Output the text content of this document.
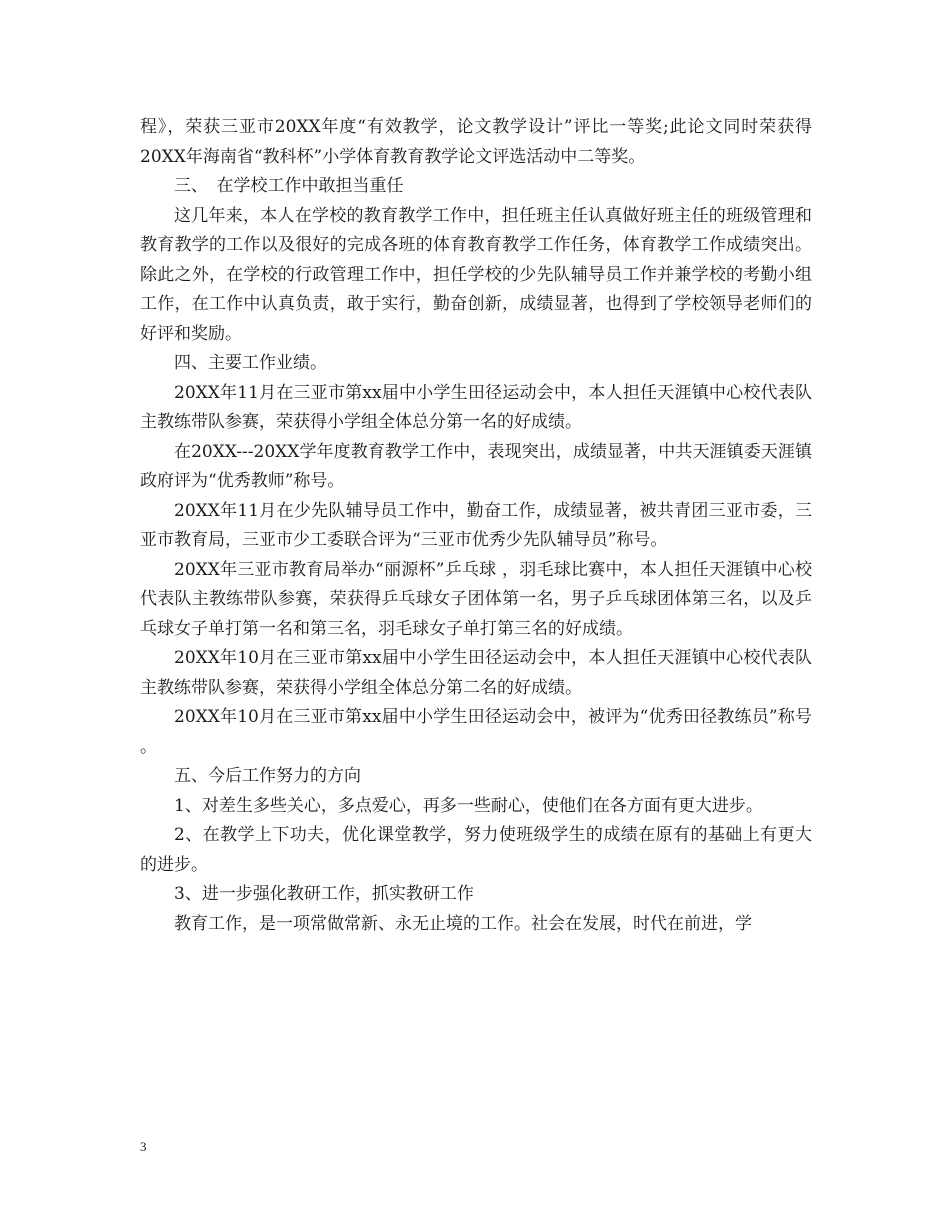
程》，荣获三亚市20XX年度“有效教学，论文教学设计”评比一等奖;此论文同时荣获得20XX年海南省“教科杯”小学体育教育教学论文评选活动中二等奖。

三、　在学校工作中敢担当重任

这几年来，本人在学校的教育教学工作中，担任班主任认真做好班主任的班级管理和教育教学的工作以及很好的完成各班的体育教育教学工作任务，体育教学工作成绩突出。除此之外，在学校的行政管理工作中，担任学校的少先队辅导员工作并兼学校的考勤小组工作，在工作中认真负责，敢于实行，勤奋创新，成绩显著，也得到了学校领导老师们的好评和奖励。

四、主要工作业绩。

20XX年11月在三亚市第xx届中小学生田径运动会中，本人担任天涯镇中心校代表队主教练带队参赛，荣获得小学组全体总分第一名的好成绩。

在20XX---20XX学年度教育教学工作中，表现突出，成绩显著，中共天涯镇委天涯镇政府评为“优秀教师”称号。

20XX年11月在少先队辅导员工作中，勤奋工作，成绩显著，被共青团三亚市委，三亚市教育局，三亚市少工委联合评为“三亚市优秀少先队辅导员”称号。

20XX年三亚市教育局举办“丽源杯”乒乓球 ，羽毛球比赛中，本人担任天涯镇中心校代表队主教练带队参赛，荣获得乒乓球女子团体第一名，男子乒乓球团体第三名，以及乒乓球女子单打第一名和第三名，羽毛球女子单打第三名的好成绩。

20XX年10月在三亚市第xx届中小学生田径运动会中，本人担任天涯镇中心校代表队主教练带队参赛，荣获得小学组全体总分第二名的好成绩。

20XX年10月在三亚市第xx届中小学生田径运动会中，被评为“优秀田径教练员”称号 。

五、今后工作努力的方向

1、对差生多些关心，多点爱心，再多一些耐心，使他们在各方面有更大进步。

2、在教学上下功夫，优化课堂教学，努力使班级学生的成绩在原有的基础上有更大的进步。

3、进一步强化教研工作，抓实教研工作

教育工作，是一项常做常新、永无止境的工作。社会在发展，时代在前进，学

3
